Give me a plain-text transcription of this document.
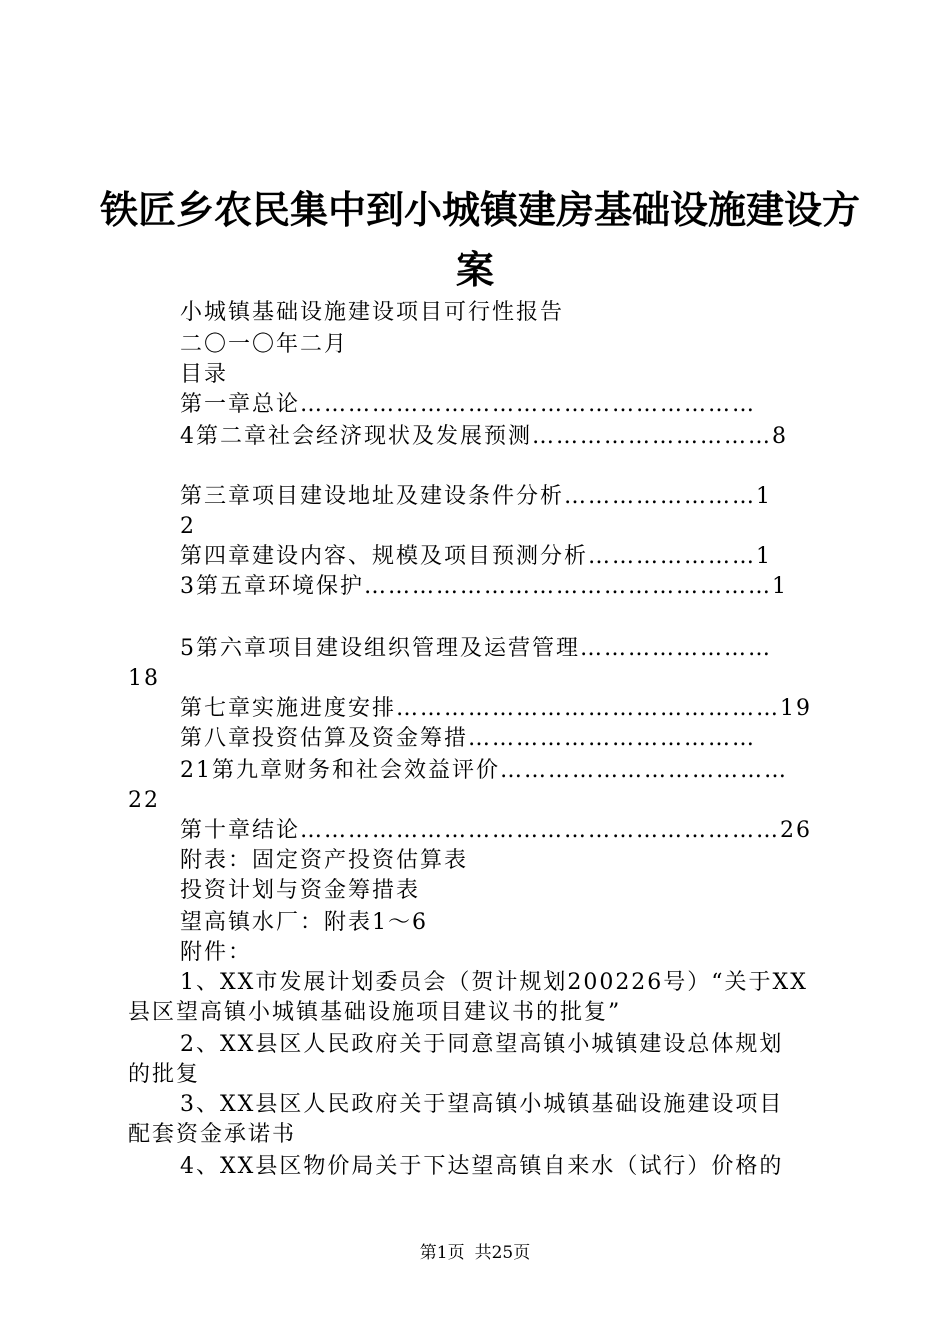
铁匠乡农民集中到小城镇建房基础设施建设方
案
小城镇基础设施建设项目可行性报告
二〇一〇年二月
目录
第一章总论…………………………………………………
4第二章社会经济现状及发展预测…………………………8
第三章项目建设地址及建设条件分析……………………1
2
第四章建设内容、规模及项目预测分析…………………1
3第五章环境保护……………………………………………1
5第六章项目建设组织管理及运营管理……………………
18
第七章实施进度安排…………………………………………19
第八章投资估算及资金筹措………………………………
21第九章财务和社会效益评价………………………………
22
第十章结论……………………………………………………26
附表：固定资产投资估算表
投资计划与资金筹措表
望高镇水厂：附表1～6
附件：
1、XX市发展计划委员会（贺计规划200226号）“关于XX
县区望高镇小城镇基础设施项目建议书的批复”
2、XX县区人民政府关于同意望高镇小城镇建设总体规划
的批复
3、XX县区人民政府关于望高镇小城镇基础设施建设项目
配套资金承诺书
4、XX县区物价局关于下达望高镇自来水（试行）价格的
第1页 共25页
